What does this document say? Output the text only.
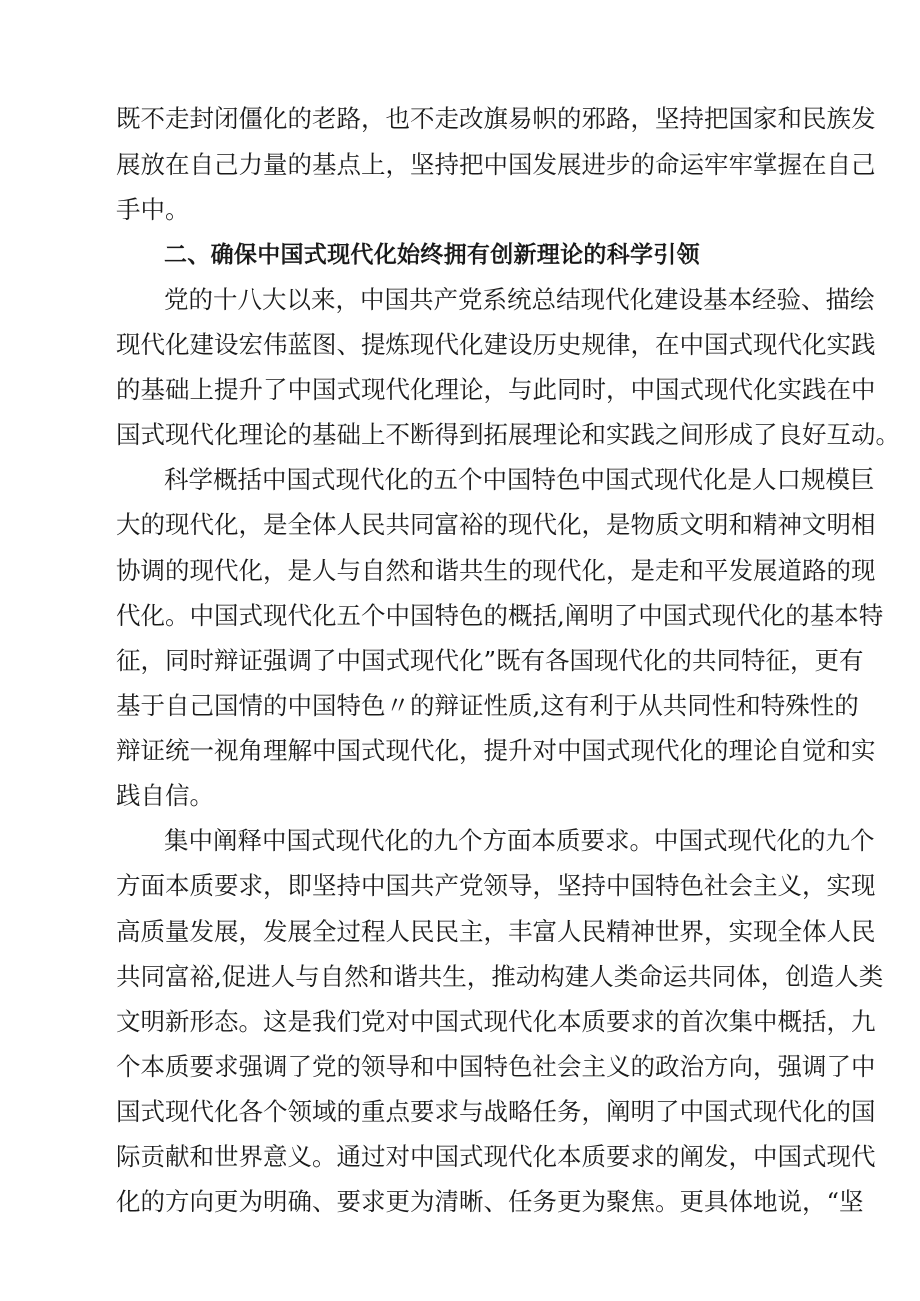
既不走封闭僵化的老路，也不走改旗易帜的邪路，坚持把国家和民族发
展放在自己力量的基点上，坚持把中国发展进步的命运牢牢掌握在自己
手中。
二、确保中国式现代化始终拥有创新理论的科学引领
党的十八大以来，中国共产党系统总结现代化建设基本经验、描绘
现代化建设宏伟蓝图、提炼现代化建设历史规律，在中国式现代化实践
的基础上提升了中国式现代化理论，与此同时，中国式现代化实践在中
国式现代化理论的基础上不断得到拓展理论和实践之间形成了良好互动。
科学概括中国式现代化的五个中国特色中国式现代化是人口规模巨
大的现代化，是全体人民共同富裕的现代化，是物质文明和精神文明相
协调的现代化，是人与自然和谐共生的现代化，是走和平发展道路的现
代化。中国式现代化五个中国特色的概括,阐明了中国式现代化的基本特
征，同时辩证强调了中国式现代化”既有各国现代化的共同特征，更有
基于自己国情的中国特色〃的辩证性质,这有利于从共同性和特殊性的
辩证统一视角理解中国式现代化，提升对中国式现代化的理论自觉和实
践自信。
集中阐释中国式现代化的九个方面本质要求。中国式现代化的九个
方面本质要求，即坚持中国共产党领导，坚持中国特色社会主义，实现
高质量发展，发展全过程人民民主，丰富人民精神世界，实现全体人民
共同富裕,促进人与自然和谐共生，推动构建人类命运共同体，创造人类
文明新形态。这是我们党对中国式现代化本质要求的首次集中概括，九
个本质要求强调了党的领导和中国特色社会主义的政治方向，强调了中
国式现代化各个领域的重点要求与战略任务，阐明了中国式现代化的国
际贡献和世界意义。通过对中国式现代化本质要求的阐发，中国式现代
化的方向更为明确、要求更为清晰、任务更为聚焦。更具体地说，“坚
